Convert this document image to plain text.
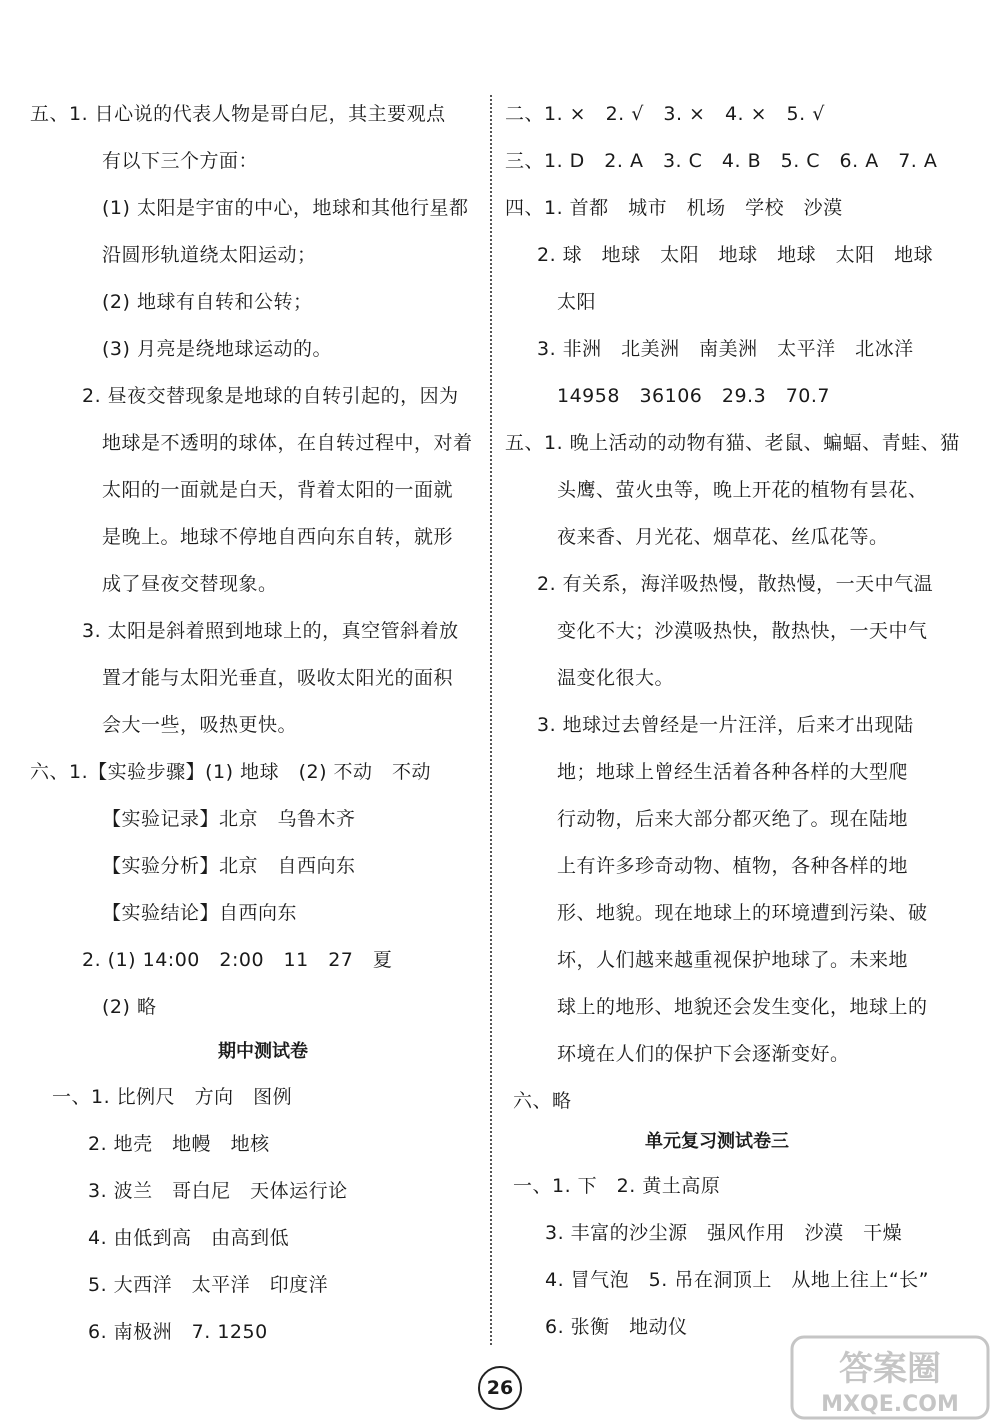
五、1. 日心说的代表人物是哥白尼，其主要观点
有以下三个方面：
(1) 太阳是宇宙的中心，地球和其他行星都
沿圆形轨道绕太阳运动；
(2) 地球有自转和公转；
(3) 月亮是绕地球运动的。
2. 昼夜交替现象是地球的自转引起的，因为
地球是不透明的球体，在自转过程中，对着
太阳的一面就是白天，背着太阳的一面就
是晚上。地球不停地自西向东自转，就形
成了昼夜交替现象。
3. 太阳是斜着照到地球上的，真空管斜着放
置才能与太阳光垂直，吸收太阳光的面积
会大一些，吸热更快。
六、1.【实验步骤】(1) 地球　(2) 不动　不动
【实验记录】北京　乌鲁木齐
【实验分析】北京　自西向东
【实验结论】自西向东
2. (1) 14:00　2:00　11　27　夏
(2) 略
期中测试卷
一、1. 比例尺　方向　图例
2. 地壳　地幔　地核
3. 波兰　哥白尼　天体运行论
4. 由低到高　由高到低
5. 大西洋　太平洋　印度洋
6. 南极洲　7. 1250
二、1. ×　2. √　3. ×　4. ×　5. √
三、1. D　2. A　3. C　4. B　5. C　6. A　7. A
四、1. 首都　城市　机场　学校　沙漠
2. 球　地球　太阳　地球　地球　太阳　地球
太阳
3. 非洲　北美洲　南美洲　太平洋　北冰洋
14958　36106　29.3　70.7
五、1. 晚上活动的动物有猫、老鼠、蝙蝠、青蛙、猫
头鹰、萤火虫等，晚上开花的植物有昙花、
夜来香、月光花、烟草花、丝瓜花等。
2. 有关系，海洋吸热慢，散热慢，一天中气温
变化不大；沙漠吸热快，散热快，一天中气
温变化很大。
3. 地球过去曾经是一片汪洋，后来才出现陆
地；地球上曾经生活着各种各样的大型爬
行动物，后来大部分都灭绝了。现在陆地
上有许多珍奇动物、植物，各种各样的地
形、地貌。现在地球上的环境遭到污染、破
坏，人们越来越重视保护地球了。未来地
球上的地形、地貌还会发生变化，地球上的
环境在人们的保护下会逐渐变好。
六、略
单元复习测试卷三
一、1. 下　2. 黄土高原
3. 丰富的沙尘源　强风作用　沙漠　干燥
4. 冒气泡　5. 吊在洞顶上　从地上往上“长”
6. 张衡　地动仪
26	答案圈
MXQE.COM
